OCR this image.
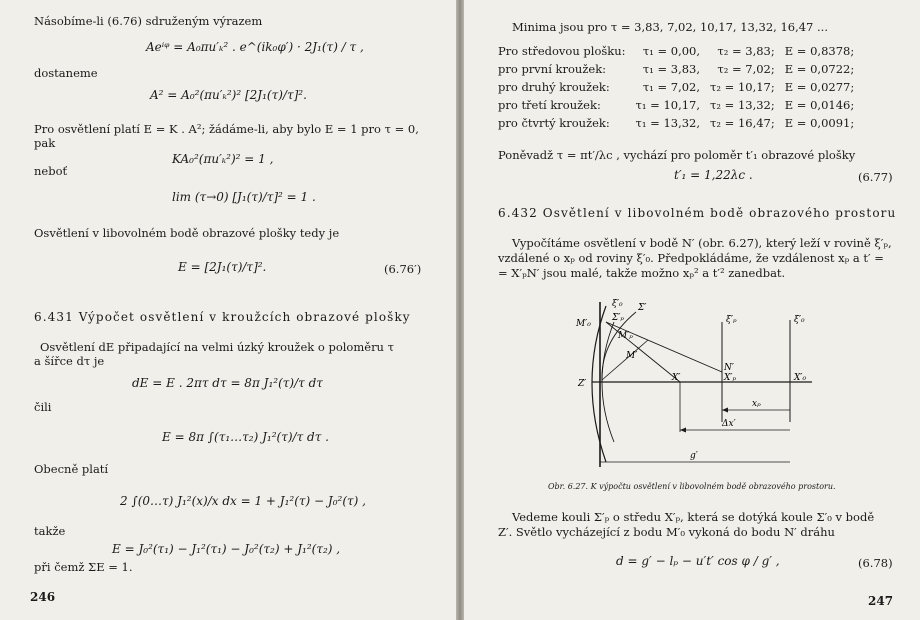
Násobíme-li (6.76) sdruženým výrazem
Aeⁱᵠ = A₀πu′ₖ² . e^(ik₀φ′) · 2J₁(τ) / τ ,
dostaneme
A² = A₀²(πu′ₖ²)² [2J₁(τ)/τ]².
Pro osvětlení platí E = K . A²; žádáme-li, aby bylo E = 1 pro τ = 0,
pak
KA₀²(πu′ₖ²)² = 1 ,
neboť
lim (τ→0) [J₁(τ)/τ]² = 1 .
Osvětlení v libovolném bodě obrazové plošky tedy je
E = [2J₁(τ)/τ]².	(6.76′)
6.431 Výpočet osvětlení v kroužcích obrazové plošky
Osvětlení dE připadající na velmi úzký kroužek o poloměru τ
a šířce dτ je
dE = E . 2πτ dτ = 8π J₁²(τ)/τ dτ
čili
E = 8π ∫(τ₁…τ₂) J₁²(τ)/τ dτ .
Obecně platí
2 ∫(0…τ) J₁²(x)/x dx = 1 + J₁²(τ) − J₀²(τ) ,
takže
E = J₀²(τ₁) − J₁²(τ₁) − J₀²(τ₂) + J₁²(τ₂) ,
při čemž ΣE = 1.
246
Minima jsou pro τ = 3,83, 7,02, 10,17, 13,32, 16,47 ...
Pro středovou plošku:	τ₁ = 0,00,	τ₂ = 3,83;	E = 0,8378;
pro první kroužek:	τ₁ = 3,83,	τ₂ = 7,02;	E = 0,0722;
pro druhý kroužek:	τ₁ = 7,02,	τ₂ = 10,17;	E = 0,0277;
pro třetí kroužek:	τ₁ = 10,17,	τ₂ = 13,32;	E = 0,0146;
pro čtvrtý kroužek:	τ₁ = 13,32,	τ₂ = 16,47;	E = 0,0091;
Poněvadž τ = πt′/λc , vychází pro poloměr t′₁ obrazové plošky
t′₁ = 1,22λc .	(6.77)
6.432 Osvětlení v libovolném bodě obrazového prostoru
Vypočítáme osvětlení v bodě N′ (obr. 6.27), který leží v rovině ξ′ₚ,
vzdálené o xₚ od roviny ξ′₀. Předpokládáme, že vzdálenost xₚ a t′ =
= X′ₚN′ jsou malé, takže možno xₚ² a t′² zanedbat.
ξ′₀
Σ′ₚ
Σ′
M′₀
M′ₚ
M′
Z′
X′	X′ₚ	X′₀
N′
ξ′ₚ	ξ′₀
xₚ
Δx′
g′
Obr. 6.27. K výpočtu osvětlení v libovolném bodě obrazového prostoru.
Vedeme kouli Σ′ₚ o středu X′ₚ, která se dotýká koule Σ′₀ v bodě
Z′. Světlo vycházející z bodu M′₀ vykoná do bodu N′ dráhu
d = g′ − lₚ − u′t′ cos φ / g′ ,	(6.78)
247
